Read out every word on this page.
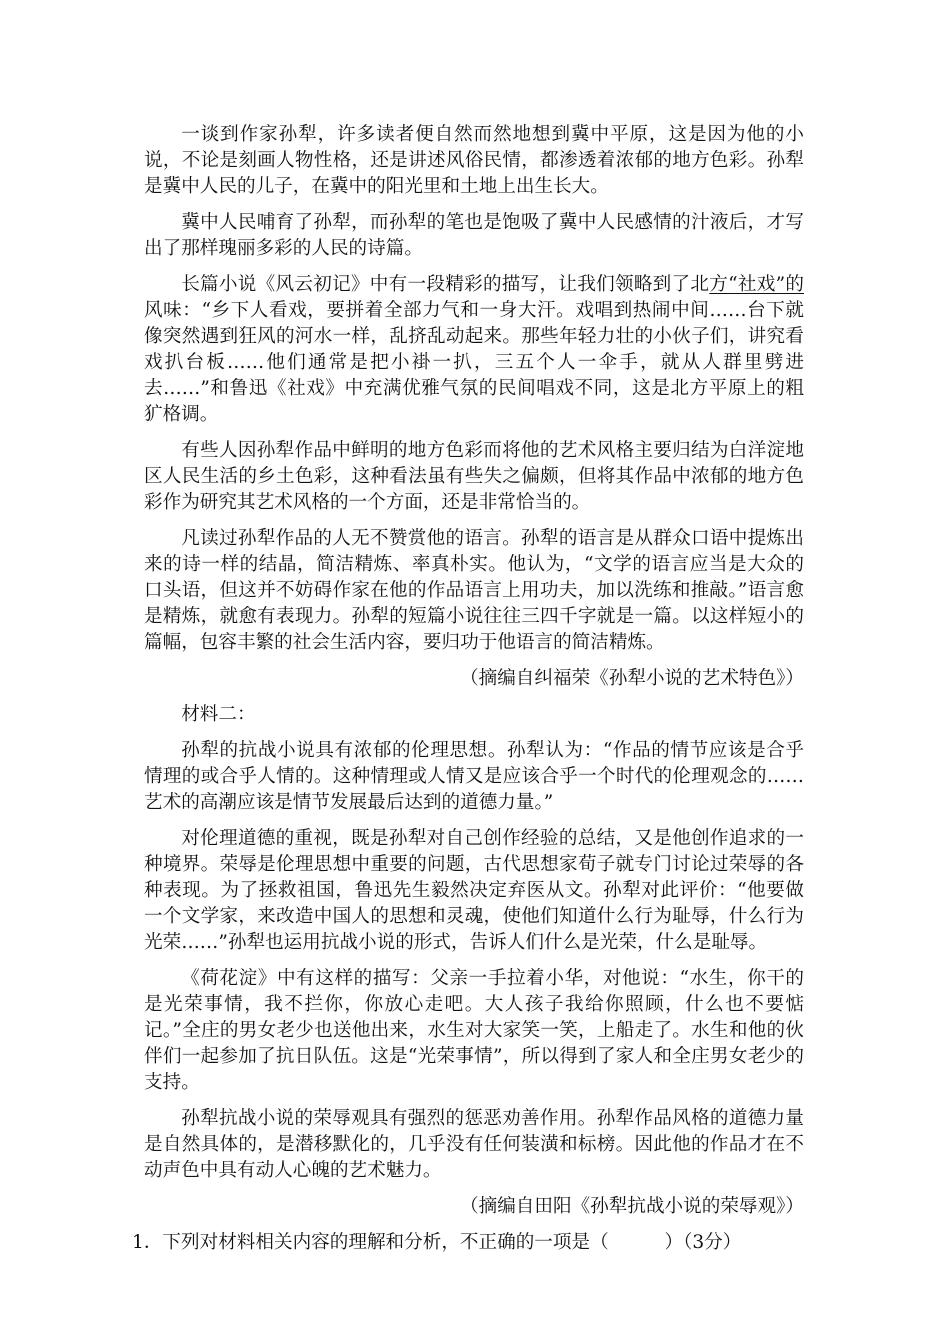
一谈到作家孙犁，许多读者便自然而然地想到冀中平原，这是因为他的小说，不论是刻画人物性格，还是讲述风俗民情，都渗透着浓郁的地方色彩。孙犁是冀中人民的儿子，在冀中的阳光里和土地上出生长大。

冀中人民哺育了孙犁，而孙犁的笔也是饱吸了冀中人民感情的汁液后，才写出了那样瑰丽多彩的人民的诗篇。

长篇小说《风云初记》中有一段精彩的描写，让我们领略到了北方“社戏”的风味：“乡下人看戏，要拼着全部力气和一身大汗。戏唱到热闹中间……台下就像突然遇到狂风的河水一样，乱挤乱动起来。那些年轻力壮的小伙子们，讲究看戏扒台板……他们通常是把小褂一扒，三五个人一伞手，就从人群里劈进去……”和鲁迅《社戏》中充满优雅气氛的民间唱戏不同，这是北方平原上的粗犷格调。

有些人因孙犁作品中鲜明的地方色彩而将他的艺术风格主要归结为白洋淀地区人民生活的乡土色彩，这种看法虽有些失之偏颇，但将其作品中浓郁的地方色彩作为研究其艺术风格的一个方面，还是非常恰当的。

凡读过孙犁作品的人无不赞赏他的语言。孙犁的语言是从群众口语中提炼出来的诗一样的结晶，简洁精炼、率真朴实。他认为，“文学的语言应当是大众的口头语，但这并不妨碍作家在他的作品语言上用功夫，加以洗练和推敲。”语言愈是精炼，就愈有表现力。孙犁的短篇小说往往三四千字就是一篇。以这样短小的篇幅，包容丰繁的社会生活内容，要归功于他语言的简洁精炼。

（摘编自纠福荣《孙犁小说的艺术特色》）

材料二：

孙犁的抗战小说具有浓郁的伦理思想。孙犁认为：“作品的情节应该是合乎情理的或合乎人情的。这种情理或人情又是应该合乎一个时代的伦理观念的……艺术的高潮应该是情节发展最后达到的道德力量。”

对伦理道德的重视，既是孙犁对自己创作经验的总结，又是他创作追求的一种境界。荣辱是伦理思想中重要的问题，古代思想家荀子就专门讨论过荣辱的各种表现。为了拯救祖国，鲁迅先生毅然决定弃医从文。孙犁对此评价：“他要做一个文学家，来改造中国人的思想和灵魂，使他们知道什么行为耻辱，什么行为光荣……”孙犁也运用抗战小说的形式，告诉人们什么是光荣，什么是耻辱。

《荷花淀》中有这样的描写：父亲一手拉着小华，对他说：“水生，你干的是光荣事情，我不拦你，你放心走吧。大人孩子我给你照顾，什么也不要惦记。”全庄的男女老少也送他出来，水生对大家笑一笑，上船走了。水生和他的伙伴们一起参加了抗日队伍。这是“光荣事情”，所以得到了家人和全庄男女老少的支持。

孙犁抗战小说的荣辱观具有强烈的惩恶劝善作用。孙犁作品风格的道德力量是自然具体的，是潜移默化的，几乎没有任何装潢和标榜。因此他的作品才在不动声色中具有动人心魄的艺术魅力。

（摘编自田阳《孙犁抗战小说的荣辱观》）

1．下列对材料相关内容的理解和分析，不正确的一项是（　　　）（3分）
